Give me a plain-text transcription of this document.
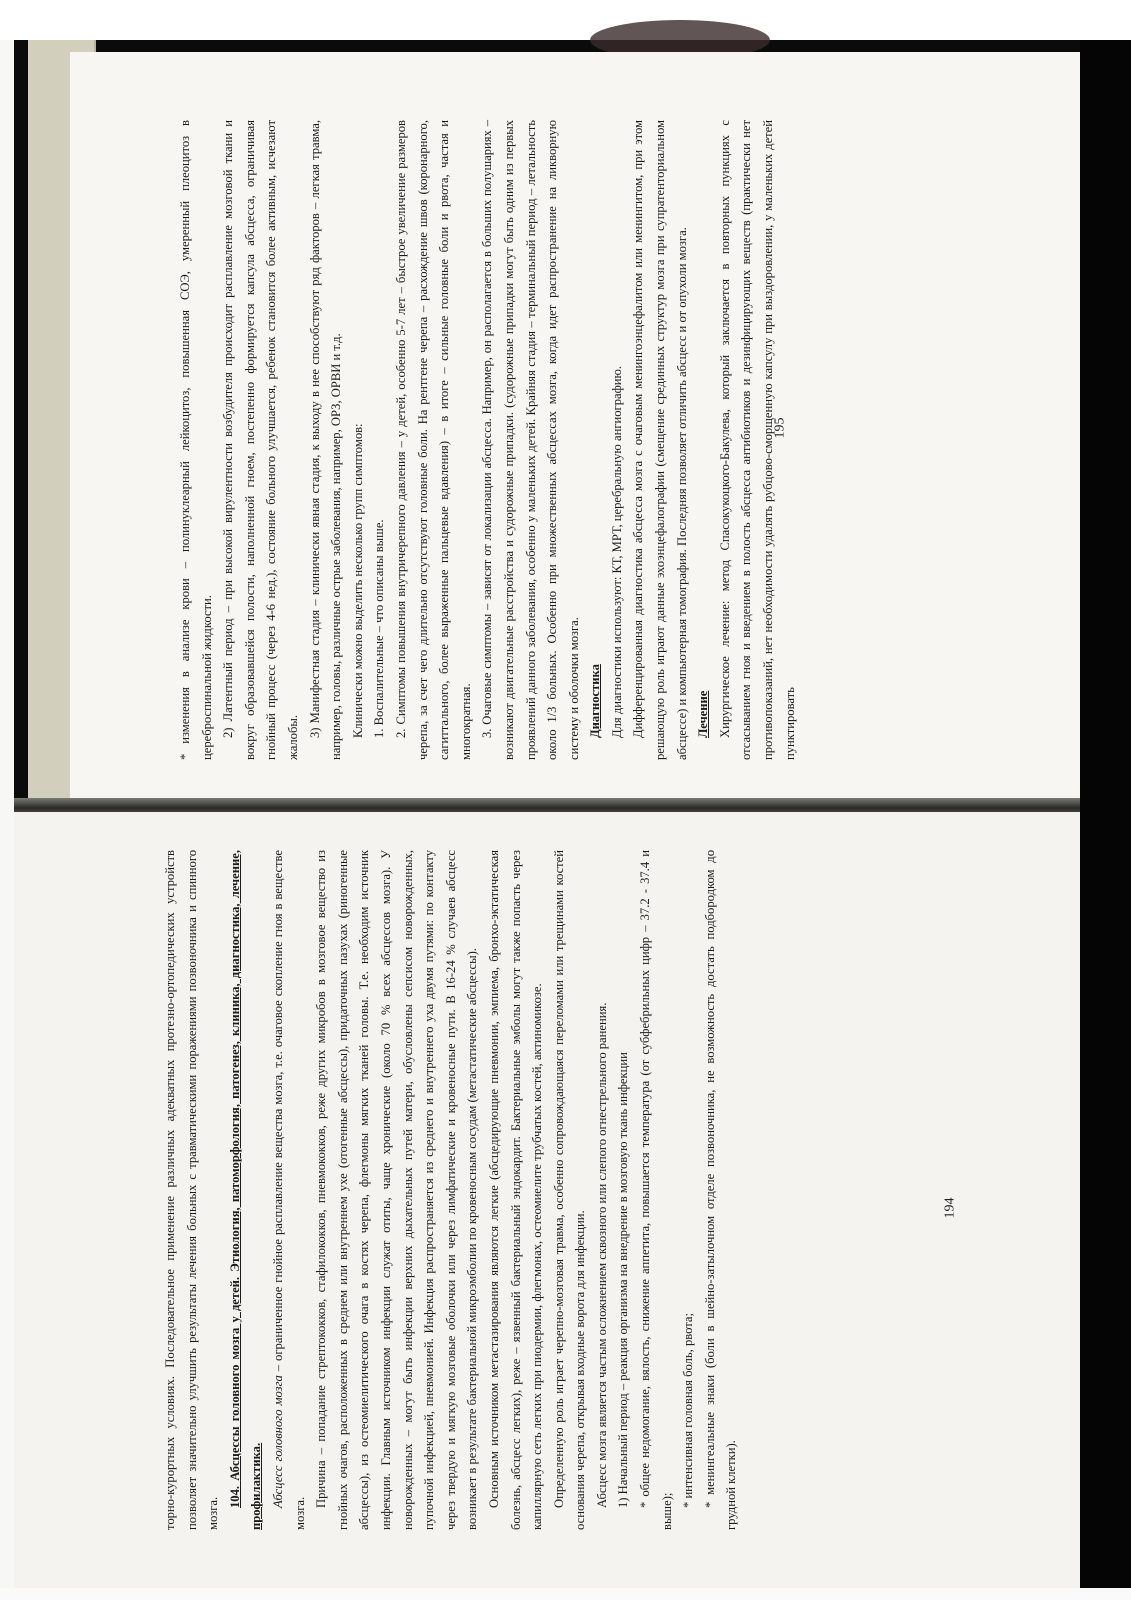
* изменения в анализе крови – полинуклеарный лейкоцитоз, повышенная СОЭ, умеренный плеоцитоз в цереброспинальной жидкости. 2) Латентный период – при высокой вирулентности возбудителя происходит расплавление мозговой ткани и вокруг образовавшейся полости, наполненной гноем, постепенно формируется капсула абсцесса, ограничивая гнойный процесс (через 4-6 нед.), состояние больного улучшается, ребенок становится более активным, исчезают жалобы. 3) Манифестная стадия – клинически явная стадия, к выходу в нее способствуют ряд факторов – легкая травма, например, головы, различные острые заболевания, например, ОРЗ, ОРВИ и т.д. Клинически можно выделить несколько групп симптомов: 1. Воспалительные – что описаны выше. 2. Симптомы повышения внутричерепного давления – у детей, особенно 5-7 лет – быстрое увеличение размеров черепа, за счет чего длительно отсутствуют головные боли. На рентгене черепа – расхождение швов (коронарного, сагиттального, более выраженные пальцевые вдавления) – в итоге – сильные головные боли и рвота, частая и многократная. 3. Очаговые симптомы – зависят от локализации абсцесса. Например, он располагается в больших полушариях – возникают двигательные расстройства и судорожные припадки. (судорожные припадки могут быть одним из первых проявлений данного заболевания, особенно у маленьких детей. Крайняя стадия – терминальный период – летальность около 1/3 больных. Особенно при множественных абсцессах мозга, когда идет распространение на ликворную систему и оболочки мозга. Диагностика Для диагностики используют: КТ, МРТ, церебральную ангиографию. Дифференцированная диагностика абсцесса мозга с очаговым менингоэнцефалитом или менингитом, при этом решающую роль играют данные эхоэнцефалографии (смещение срединных структур мозга при супратенториальном абсцессе) и компьютерная томография. Последняя позволяет отличить абсцесс и от опухоли мозга. Лечение Хирургическое лечение: метод Спасокукоцкого-Бакулева, который заключается в повторных пункциях с отсасыванием гноя и введением в полость абсцесса антибиотиков и дезинфицирующих веществ (практически нет противопоказаний, нет необходимости удалять рубцово-сморщенную капсулу при выздоровлении, у маленьких детей пунктировать

195

торно-курортных условиях. Последовательное применение различных адекватных протезно-ортопедических устройств позволяет значительно улучшить результаты лечения больных с травматическими поражениями позвоночника и спинного мозга. 104. Абсцессы головного мозга у детей. Этиология, патоморфология, патогенез, клиника, диагностика, лечение, профилактика. Абсцесс головного мозга – ограниченное гнойное расплавление вещества мозга, т.е. очаговое скопление гноя в веществе мозга.

Причина – попадание стрептококков, стафилококков, пневмококков, реже других микробов в мозговое вещество из гнойных очагов, расположенных в среднем или внутреннем ухе (отогенные абсцессы), придаточных пазухах (риногенные абсцессы), из остеомиелитического очага в костях черепа, флегмоны мягких тканей головы. Т.е. необходим источник инфекции. Главным источником инфекции служат отиты, чаще хронические (около 70 % всех абсцессов мозга). У новорожденных – могут быть инфекции верхних дыхательных путей матери, обусловлены сепсисом новорожденных, пупочной инфекцией, пневмонией. Инфекция распространяется из среднего и внутреннего уха двумя путями: по контакту через твердую и мягкую мозговые оболочки или через лимфатические и кровеносные пути. В 16-24 % случаев абсцесс возникает в результате бактериальной микроэмболии по кровеносным сосудам (метастатические абсцессы). Основным источником метастазирования являются легкие (абсцедирующие пневмонии, эмпиема, бронхо-эктатическая болезнь, абсцесс легких), реже – язвенный бактериальный эндокардит. Бактериальные эмболы могут также попасть через капиллярную сеть легких при пиодермии, флегмонах, остеомиелите трубчатых костей, актиномикозе. Определенную роль играет черепно-мозговая травма, особенно сопровождающаяся переломами или трещинами костей основания черепа, открывая входные ворота для инфекции. Абсцесс мозга является частым осложнением сквозного или слепого огнестрельного ранения. 1) Начальный период – реакция организма на внедрение в мозговую ткань инфекции * общее недомогание, вялость, снижение аппетита, повышается температура (от субфебрильных цифр – 37.2 - 37.4 и выше);

* интенсивная головная боль, рвота; * менингеальные знаки (боли в шейно-затылочном отделе позвоночника, не возможность достать подбородком до грудной клетки).

194
